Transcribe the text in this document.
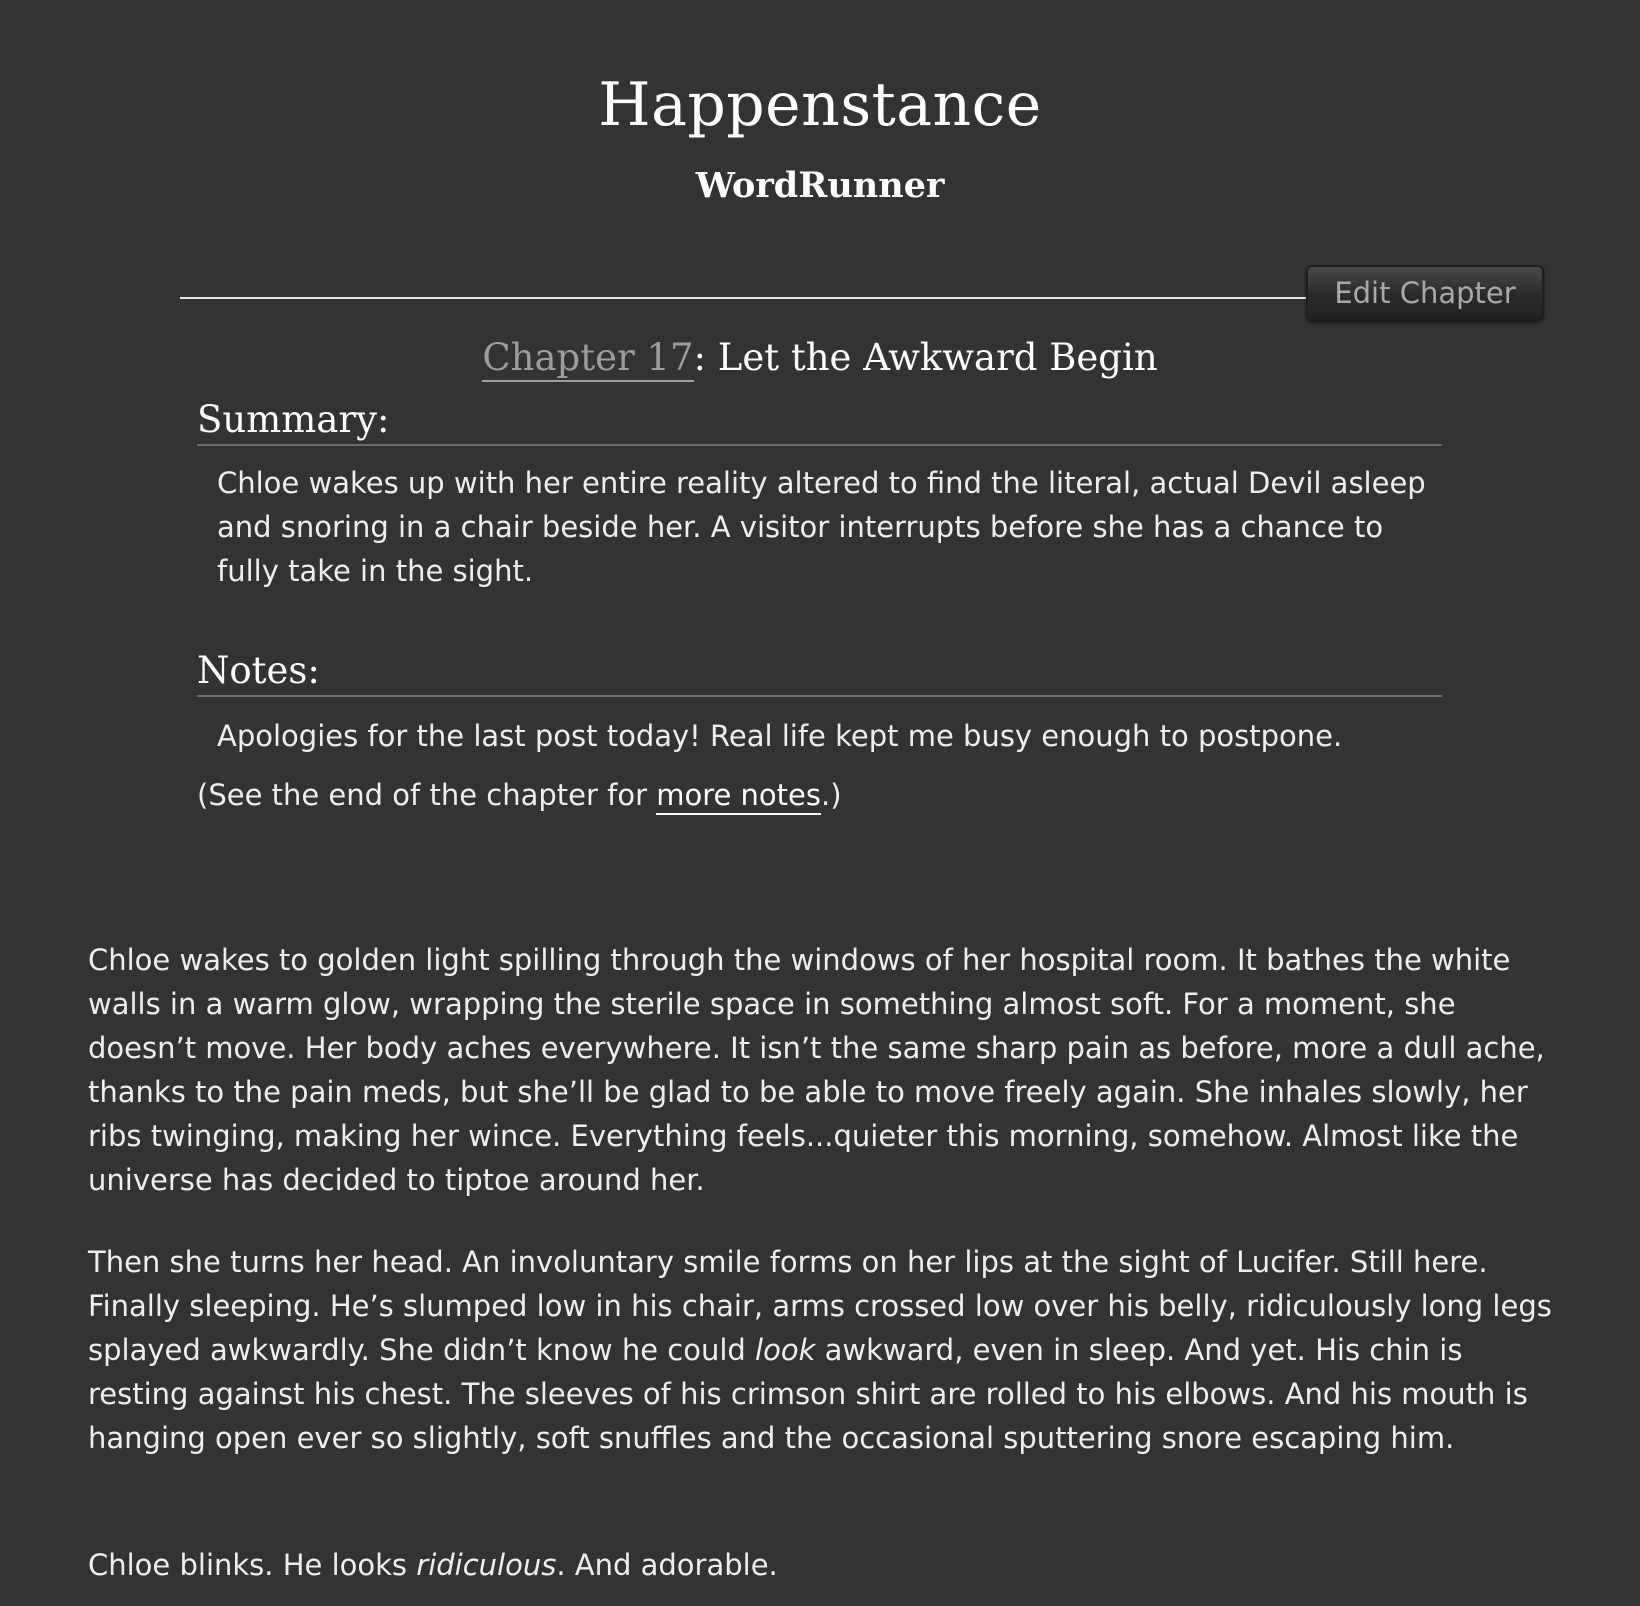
Happenstance
WordRunner
Edit Chapter
Chapter 17: Let the Awkward Begin
Summary:

Chloe wakes up with her entire reality altered to find the literal, actual Devil asleep and snoring in a chair beside her. A visitor interrupts before she has a chance to fully take in the sight.

Notes:

Apologies for the last post today! Real life kept me busy enough to postpone.

(See the end of the chapter for more notes.)

Chloe wakes to golden light spilling through the windows of her hospital room. It bathes the white walls in a warm glow, wrapping the sterile space in something almost soft. For a moment, she doesn’t move. Her body aches everywhere. It isn’t the same sharp pain as before, more a dull ache, thanks to the pain meds, but she’ll be glad to be able to move freely again. She inhales slowly, her ribs twinging, making her wince. Everything feels...quieter this morning, somehow. Almost like the universe has decided to tiptoe around her.

Then she turns her head. An involuntary smile forms on her lips at the sight of Lucifer. Still here. Finally sleeping. He’s slumped low in his chair, arms crossed low over his belly, ridiculously long legs splayed awkwardly. She didn’t know he could look awkward, even in sleep. And yet. His chin is resting against his chest. The sleeves of his crimson shirt are rolled to his elbows. And his mouth is hanging open ever so slightly, soft snuffles and the occasional sputtering snore escaping him.

Chloe blinks. He looks ridiculous. And adorable.
